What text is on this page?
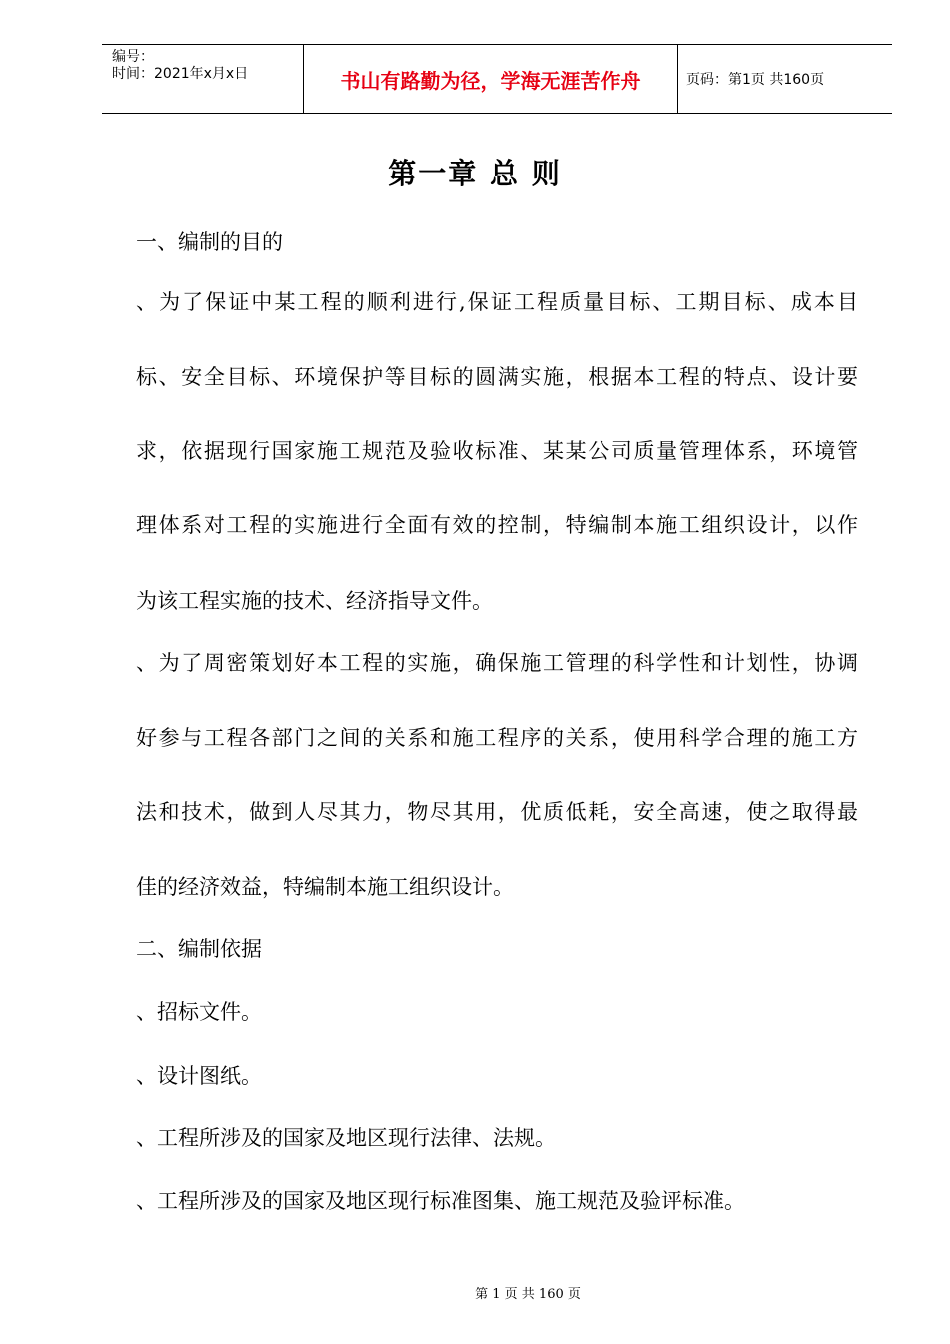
编号：
时间：2021年x月x日	书山有路勤为径，学海无涯苦作舟	页码：第1页 共160页
第一章 总 则
一、编制的目的
、为了保证中某工程的顺利进行,保证工程质量目标、工期目标、成本目
标、安全目标、环境保护等目标的圆满实施，根据本工程的特点、设计要
求，依据现行国家施工规范及验收标准、某某公司质量管理体系，环境管
理体系对工程的实施进行全面有效的控制，特编制本施工组织设计，以作
为该工程实施的技术、经济指导文件。
、为了周密策划好本工程的实施，确保施工管理的科学性和计划性，协调
好参与工程各部门之间的关系和施工程序的关系，使用科学合理的施工方
法和技术，做到人尽其力，物尽其用，优质低耗，安全高速，使之取得最
佳的经济效益，特编制本施工组织设计。
二、编制依据
、招标文件。
、设计图纸。
、工程所涉及的国家及地区现行法律、法规。
、工程所涉及的国家及地区现行标准图集、施工规范及验评标准。
第 1 页 共 160 页
